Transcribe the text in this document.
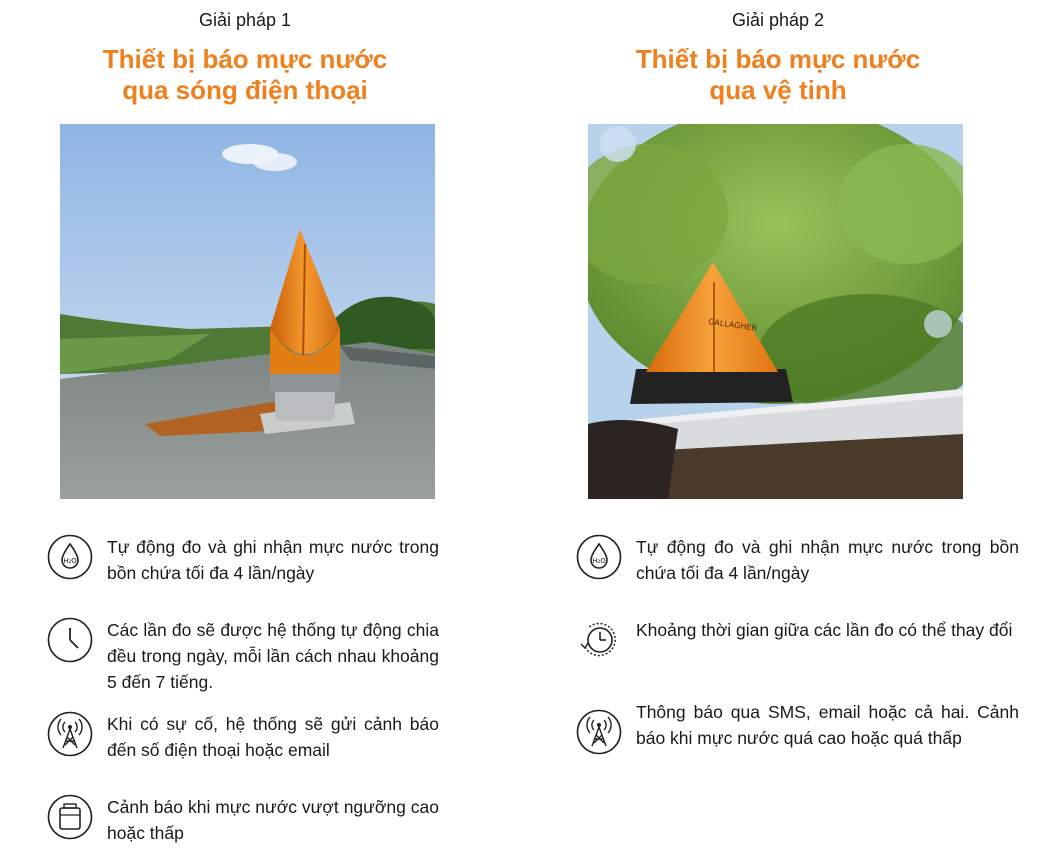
Giải pháp 1
Thiết bị báo mực nước
qua sóng điện thoại
H₂O
Tự động đo và ghi nhận mực nước trong bồn chứa tối đa 4 lần/ngày
Các lần đo sẽ được hệ thống tự động chia đều trong ngày, mỗi lần cách nhau khoảng 5 đến 7 tiếng.
Khi có sự cố, hệ thống sẽ gửi cảnh báo đến số điện thoại hoặc email
Cảnh báo khi mực nước vượt ngưỡng cao hoặc thấp
Giải pháp 2
Thiết bị báo mực nước
qua vệ tinh
GALLAGHER
H₂O
Tự động đo và ghi nhận mực nước trong bồn chứa tối đa 4 lần/ngày
Khoảng thời gian giữa các lần đo có thể thay đổi
Thông báo qua SMS, email hoặc cả hai. Cảnh báo khi mực nước quá cao hoặc quá thấp
